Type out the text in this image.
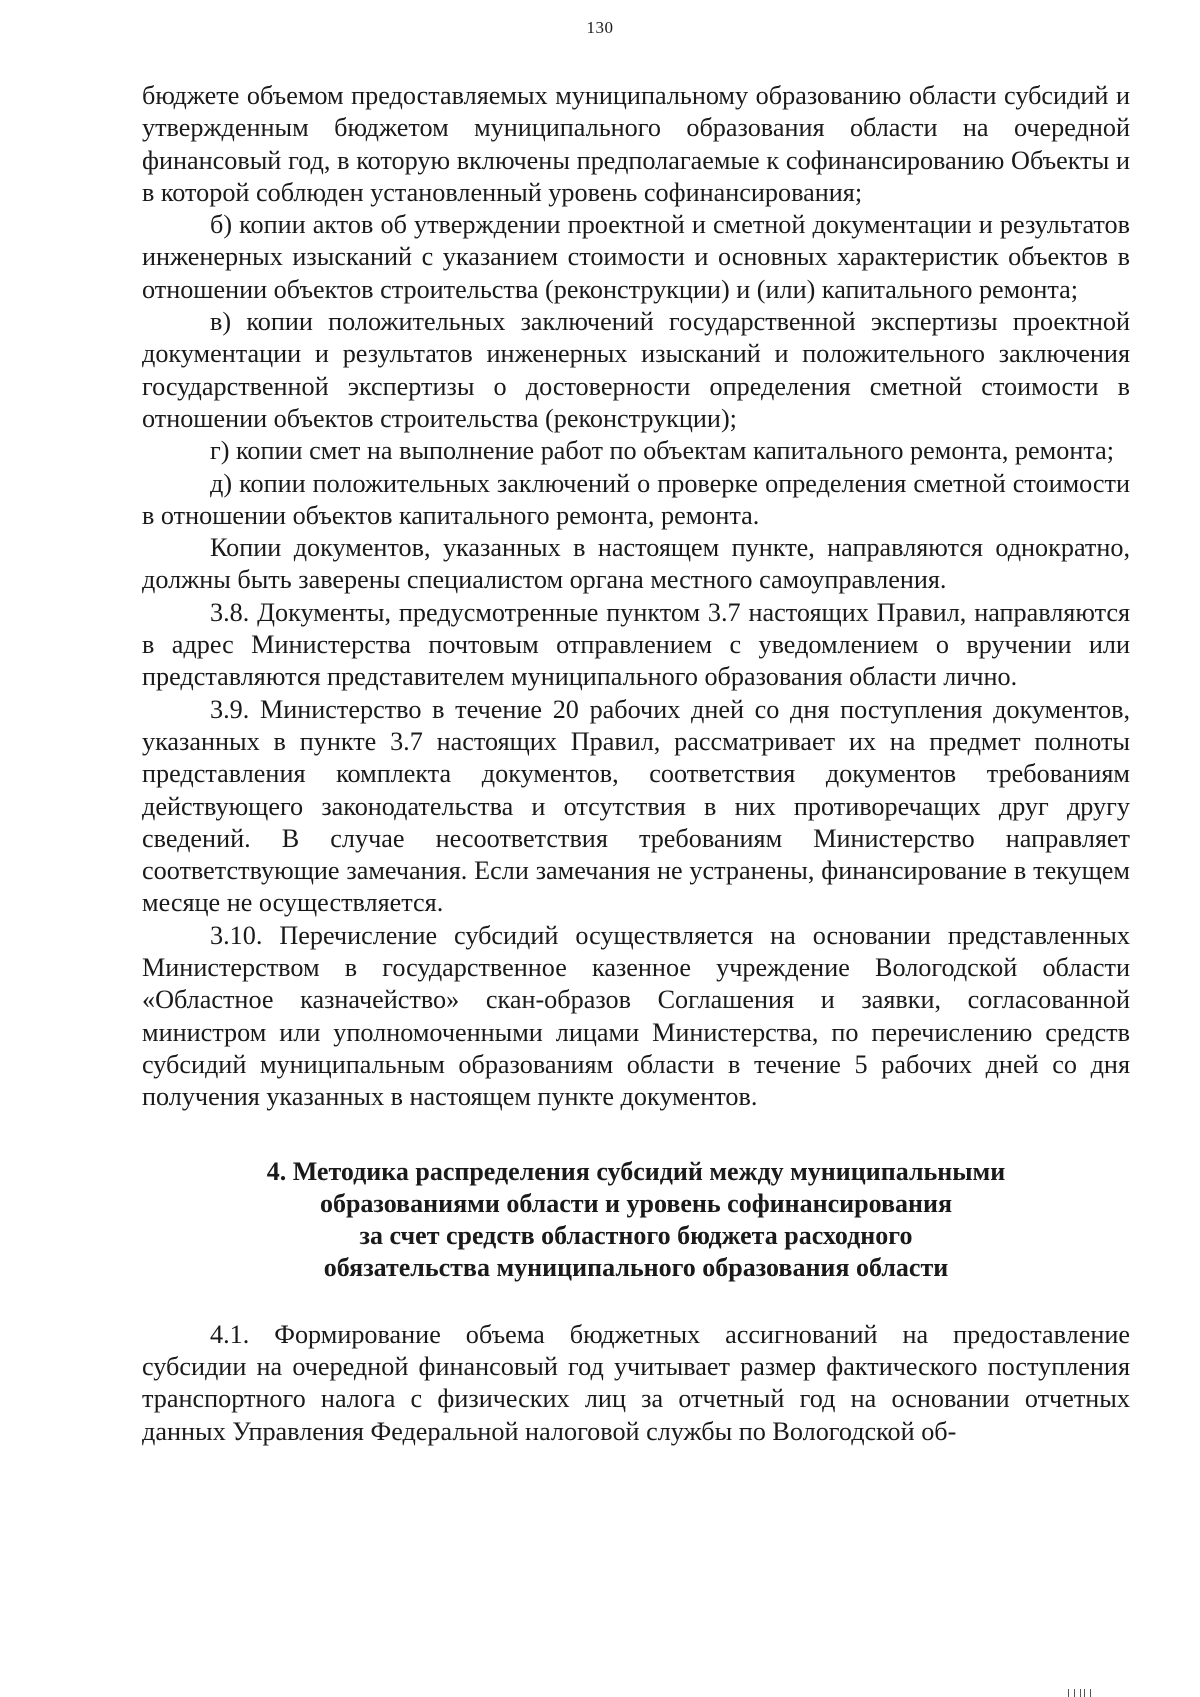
130

бюджете объемом предоставляемых муниципальному образованию области субсидий и утвержденным бюджетом муниципального образования области на очередной финансовый год, в которую включены предполагаемые к софинансированию Объекты и в которой соблюден установленный уровень софинансирования;

б) копии актов об утверждении проектной и сметной документации и результатов инженерных изысканий с указанием стоимости и основных характеристик объектов в отношении объектов строительства (реконструкции) и (или) капитального ремонта;

в) копии положительных заключений государственной экспертизы проектной документации и результатов инженерных изысканий и положительного заключения государственной экспертизы о достоверности определения сметной стоимости в отношении объектов строительства (реконструкции);

г) копии смет на выполнение работ по объектам капитального ремонта, ремонта;

д) копии положительных заключений о проверке определения сметной стоимости в отношении объектов капитального ремонта, ремонта.

Копии документов, указанных в настоящем пункте, направляются однократно, должны быть заверены специалистом органа местного самоуправления.

3.8. Документы, предусмотренные пунктом 3.7 настоящих Правил, направляются в адрес Министерства почтовым отправлением с уведомлением о вручении или представляются представителем муниципального образования области лично.

3.9. Министерство в течение 20 рабочих дней со дня поступления документов, указанных в пункте 3.7 настоящих Правил, рассматривает их на предмет полноты представления комплекта документов, соответствия документов требованиям действующего законодательства и отсутствия в них противоречащих друг другу сведений. В случае несоответствия требованиям Министерство направляет соответствующие замечания. Если замечания не устранены, финансирование в текущем месяце не осуществляется.

3.10. Перечисление субсидий осуществляется на основании представленных Министерством в государственное казенное учреждение Вологодской области «Областное казначейство» скан-образов Соглашения и заявки, согласованной министром или уполномоченными лицами Министерства, по перечислению средств субсидий муниципальным образованиям области в течение 5 рабочих дней со дня получения указанных в настоящем пункте документов.

4. Методика распределения субсидий между муниципальными
образованиями области и уровень софинансирования
за счет средств областного бюджета расходного
обязательства муниципального образования области

4.1. Формирование объема бюджетных ассигнований на предоставление субсидии на очередной финансовый год учитывает размер фактического поступления транспортного налога с физических лиц за отчетный год на основании отчетных данных Управления Федеральной налоговой службы по Вологодской об-
